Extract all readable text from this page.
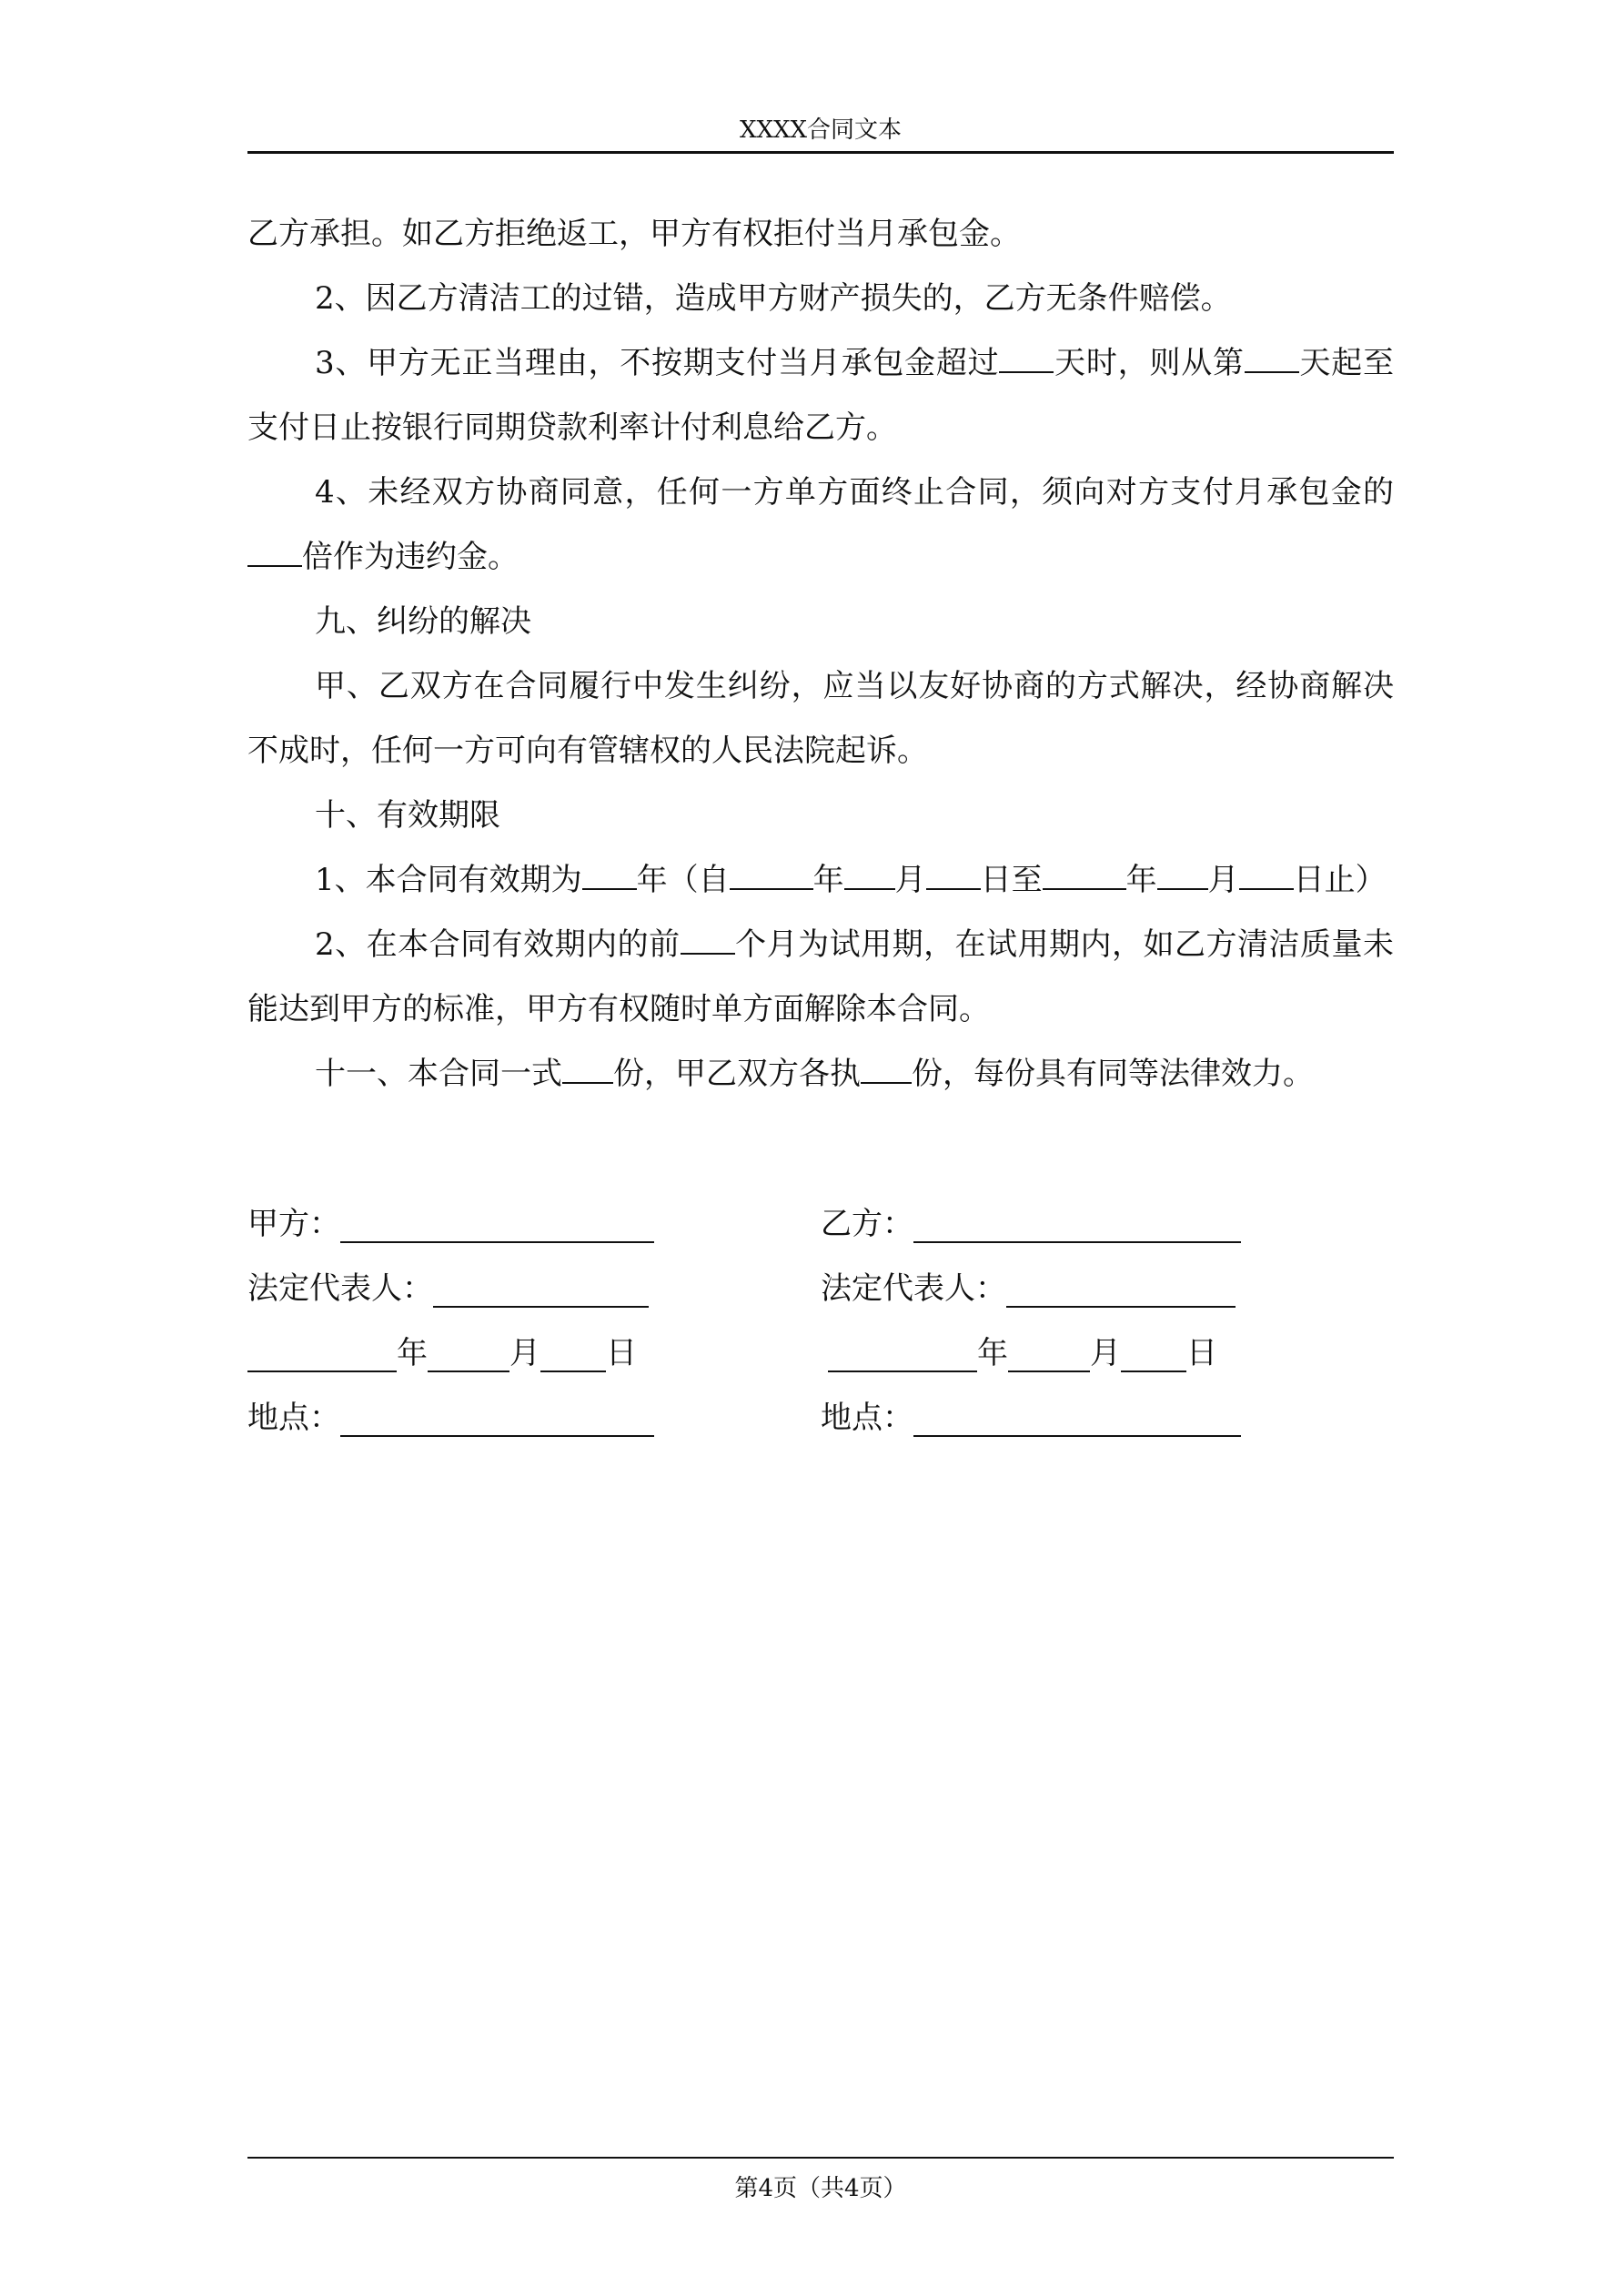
XXXX合同文本

乙方承担。如乙方拒绝返工，甲方有权拒付当月承包金。

2、因乙方清洁工的过错，造成甲方财产损失的，乙方无条件赔偿。

3、甲方无正当理由，不按期支付当月承包金超过 天时，则从第 天起至支付日止按银行同期贷款利率计付利息给乙方。

4、未经双方协商同意，任何一方单方面终止合同，须向对方支付月承包金的倍作为违约金。

九、纠纷的解决

甲、乙双方在合同履行中发生纠纷，应当以友好协商的方式解决，经协商解决不成时，任何一方可向有管辖权的人民法院起诉。

十、有效期限

1、本合同有效期为 年（自	年 月 日至	年 月 日止）

2、在本合同有效期内的前 个月为试用期，在试用期内，如乙方清洁质量未能达到甲方的标准，甲方有权随时单方面解除本合同。

十一、本合同一式 份，甲乙双方各执 份，每份具有同等法律效力。

甲方：	乙方：
法定代表人：	法定代表人：
年	月 日	年	月 日
地点：	地点：
第4页（共4页）
